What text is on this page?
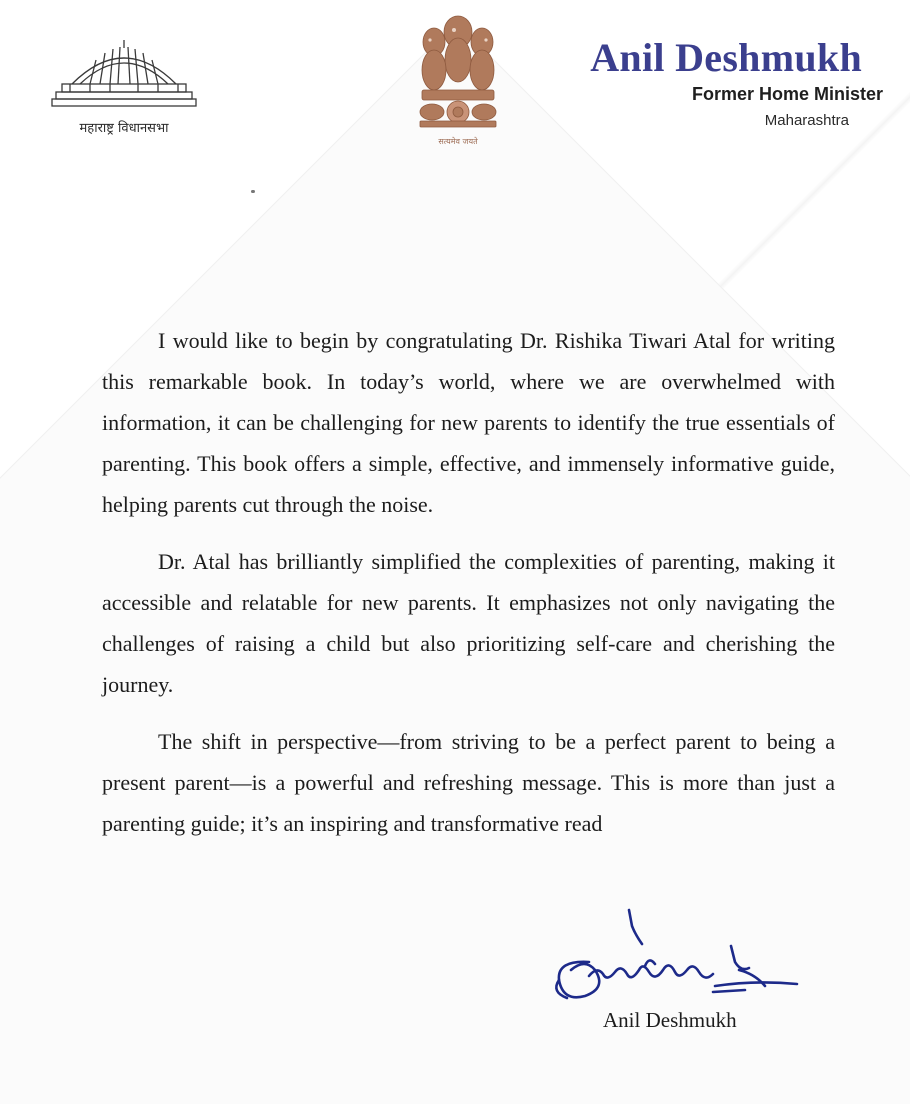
महाराष्ट्र विधानसभा
सत्यमेव जयते
Anil Deshmukh
Former Home Minister
Maharashtra

I would like to begin by congratulating Dr. Rishika Tiwari Atal for writing this remarkable book. In today’s world, where we are overwhelmed with information, it can be challenging for new parents to identify the true essentials of parenting. This book offers a simple, effective, and immensely informative guide, helping parents cut through the noise.

Dr. Atal has brilliantly simplified the complexities of parenting, making it accessible and relatable for new parents. It emphasizes not only navigating the challenges of raising a child but also prioritizing self-care and cherishing the journey.

The shift in perspective—from striving to be a perfect parent to being a present parent—is a powerful and refreshing message. This is more than just a parenting guide; it’s an inspiring and transformative read

Anil Deshmukh
